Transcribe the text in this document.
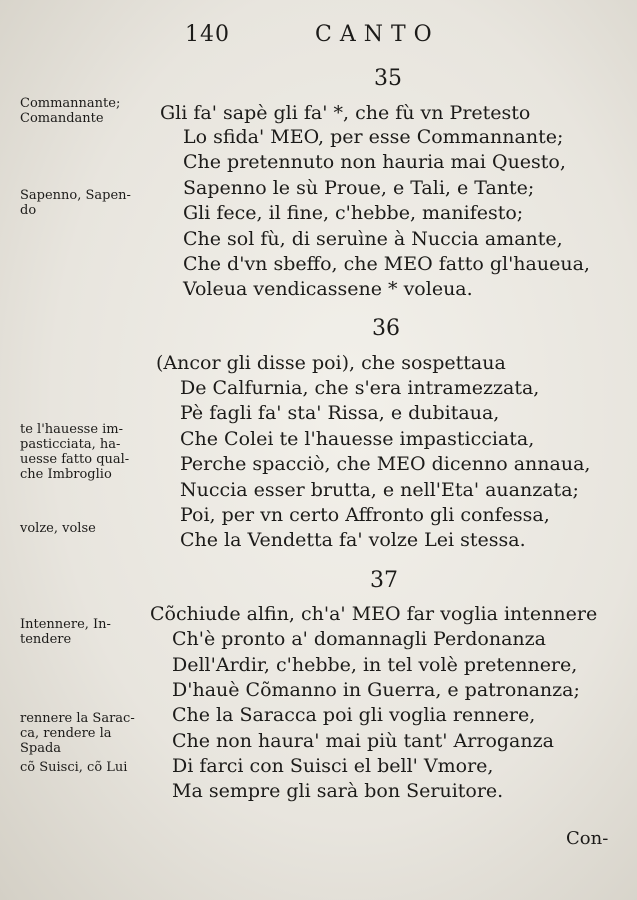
140	CANTO
35
Gli fa' sapè gli fa' *, che fù vn Pretesto
Lo sfida' MEO, per esse Commannante;
Che pretennuto non hauria mai Questo,
Sapenno le sù Proue, e Tali, e Tante;
Gli fece, il fine, c'hebbe, manifesto;
Che sol fù, di seruìne à Nuccia amante,
Che d'vn sbeffo, che MEO fatto gl'haueua,
Voleua vendicassene * voleua.
36
(Ancor gli disse poi), che sospettaua
De Calfurnia, che s'era intramezzata,
Pè fagli fa' sta' Rissa, e dubitaua,
Che Colei te l'hauesse impasticciata,
Perche spacciò, che MEO dicenno annaua,
Nuccia esser brutta, e nell'Eta' auanzata;
Poi, per vn certo Affronto gli confessa,
Che la Vendetta fa' volze Lei stessa.
37
Cõchiude alfin, ch'a' MEO far voglia intennere
Ch'è pronto a' domannagli Perdonanza
Dell'Ardir, c'hebbe, in tel volè pretennere,
D'hauè Cõmanno in Guerra, e patronanza;
Che la Saracca poi gli voglia rennere,
Che non haura' mai più tant' Arroganza
Di farci con Suisci el bell' Vmore,
Ma sempre gli sarà bon Seruitore.
Commannante;
Comandante
Sapenno, Sapen-
do
te l'hauesse im-
pasticciata, ha-
uesse fatto qual-
che Imbroglio
volze, volse
Intennere, In-
tendere
rennere la Sarac-
ca, rendere la
Spada
cõ Suisci, cõ Lui
Con-
